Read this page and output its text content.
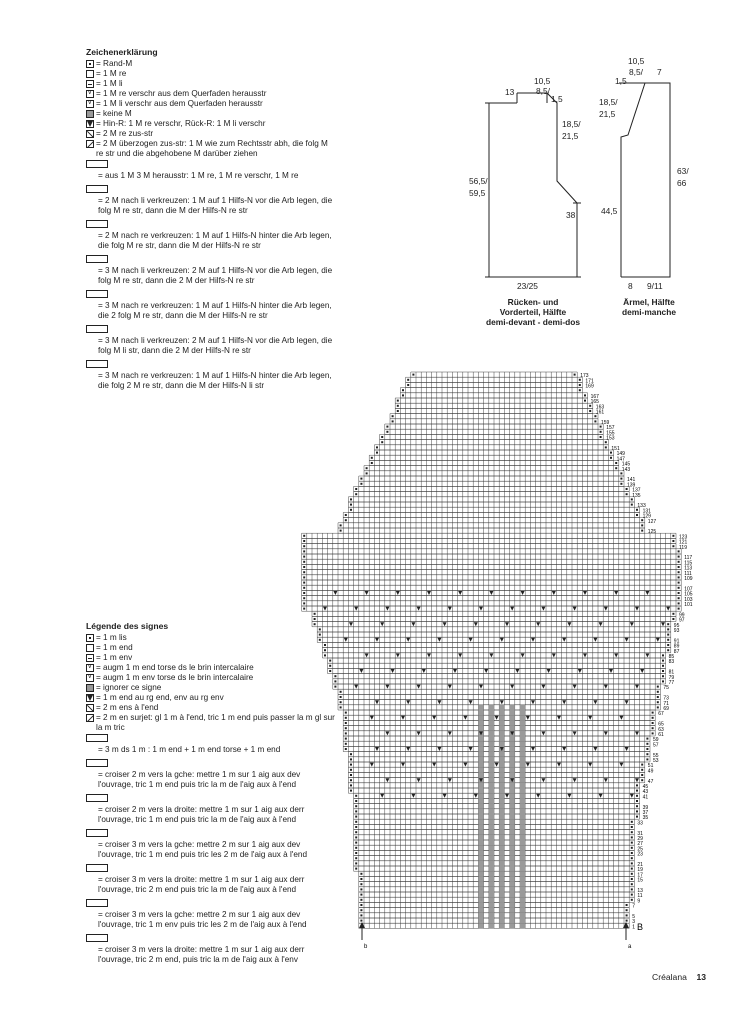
Zeichenerklärung
= Rand-M
= 1 M re
= 1 M li
v
= 1 M re verschr aus dem Querfaden herausstr
v
= 1 M li verschr aus dem Querfaden herausstr
= keine M
= Hin-R: 1 M re verschr, Rück-R: 1 M li verschr
= 2 M re zus-str
= 2 M überzogen zus-str: 1 M wie zum Rechtsstr abh, die folg M re str und die abgehobene M darüber ziehen
= aus 1 M 3 M herausstr: 1 M re, 1 M re verschr, 1 M re
= 2 M nach li verkreuzen: 1 M auf 1 Hilfs-N vor die Arb legen, die folg M re str, dann die M der Hilfs-N re str
= 2 M nach re verkreuzen: 1 M auf 1 Hilfs-N hinter die Arb legen, die folg M re str, dann die M der Hilfs-N re str
= 3 M nach li verkreuzen: 2 M auf 1 Hilfs-N vor die Arb legen, die folg M re str, dann die 2 M der Hilfs-N re str
= 3 M nach re verkreuzen: 1 M auf 1 Hilfs-N hinter die Arb legen, die 2 folg M re str, dann die M der Hilfs-N re str
= 3 M nach li verkreuzen: 2 M auf 1 Hilfs-N vor die Arb legen, die folg M li str, dann die 2 M der Hilfs-N re str
= 3 M nach re verkreuzen: 1 M auf 1 Hilfs-N hinter die Arb legen, die folg 2 M re str, dann die M der Hilfs-N li str
Légende des signes
= 1 m lis
= 1 m end
= 1 m env
v
= augm 1 m end torse ds le brin intercalaire
v
= augm 1 m env torse ds le brin intercalaire
= ignorer ce signe
= 1 m end au rg end, env au rg env
= 2 m ens à l'end
= 2 m en surjet: gl 1 m à l'end, tric 1 m end puis passer la m gl sur la m tric
= 3 m ds 1 m : 1 m end + 1 m end torse + 1 m end
= croiser 2 m vers la gche: mettre 1 m sur 1 aig aux dev l'ouvrage, tric 1 m end puis tric la m de l'aig aux à l'end
= croiser 2 m vers la droite: mettre 1 m sur 1 aig aux derr l'ouvrage, tric 1 m end puis tric la m de l'aig aux à l'end
= croiser 3 m vers la gche: mettre 2 m sur 1 aig aux dev l'ouvrage, tric 1 m end puis tric les 2 m de l'aig aux à l'end
= croiser 3 m vers la droite: mettre 1 m sur 1 aig aux derr l'ouvrage, tric 2 m end puis tric la m de l'aig aux à l'end
= croiser 3 m vers la gche: mettre 2 m sur 1 aig aux dev l'ouvrage, tric 1 m env puis tric les 2 m de l'aig aux à l'end
= croiser 3 m vers la droite: mettre 1 m sur 1 aig aux derr l'ouvrage, tric 2 m end, puis tric la m de l'aig aux à l'env
13
10,5
8,5/
1,5
18,5/
21,5
56,5/
59,5
38
23/25
Rücken- und
Vorderteil, Hälfte
demi-devant - demi-dos
10,5
8,5/ 7
1,5
18,5/
21,5
63/
66
44,5
8 9/11
Ärmel, Hälfte
demi-manche
173
171
169
167
165
163
161
159
157
155
153
151
149
147
145
143
141
139
137
135
133
131
129
127
125
123
121
119
117
115
113
111
109
107
105
103
101
99
97
95
93
91
89
87
85
83
81
79
77
75
73
71
69
67
65
63
61
59
57
55
53
51
49
47
45
43
41
39
37
35
33
31
29
27
25
23
21
19
17
15
13
11
9
7
5
3
1
b	a
B
Créalana 13
